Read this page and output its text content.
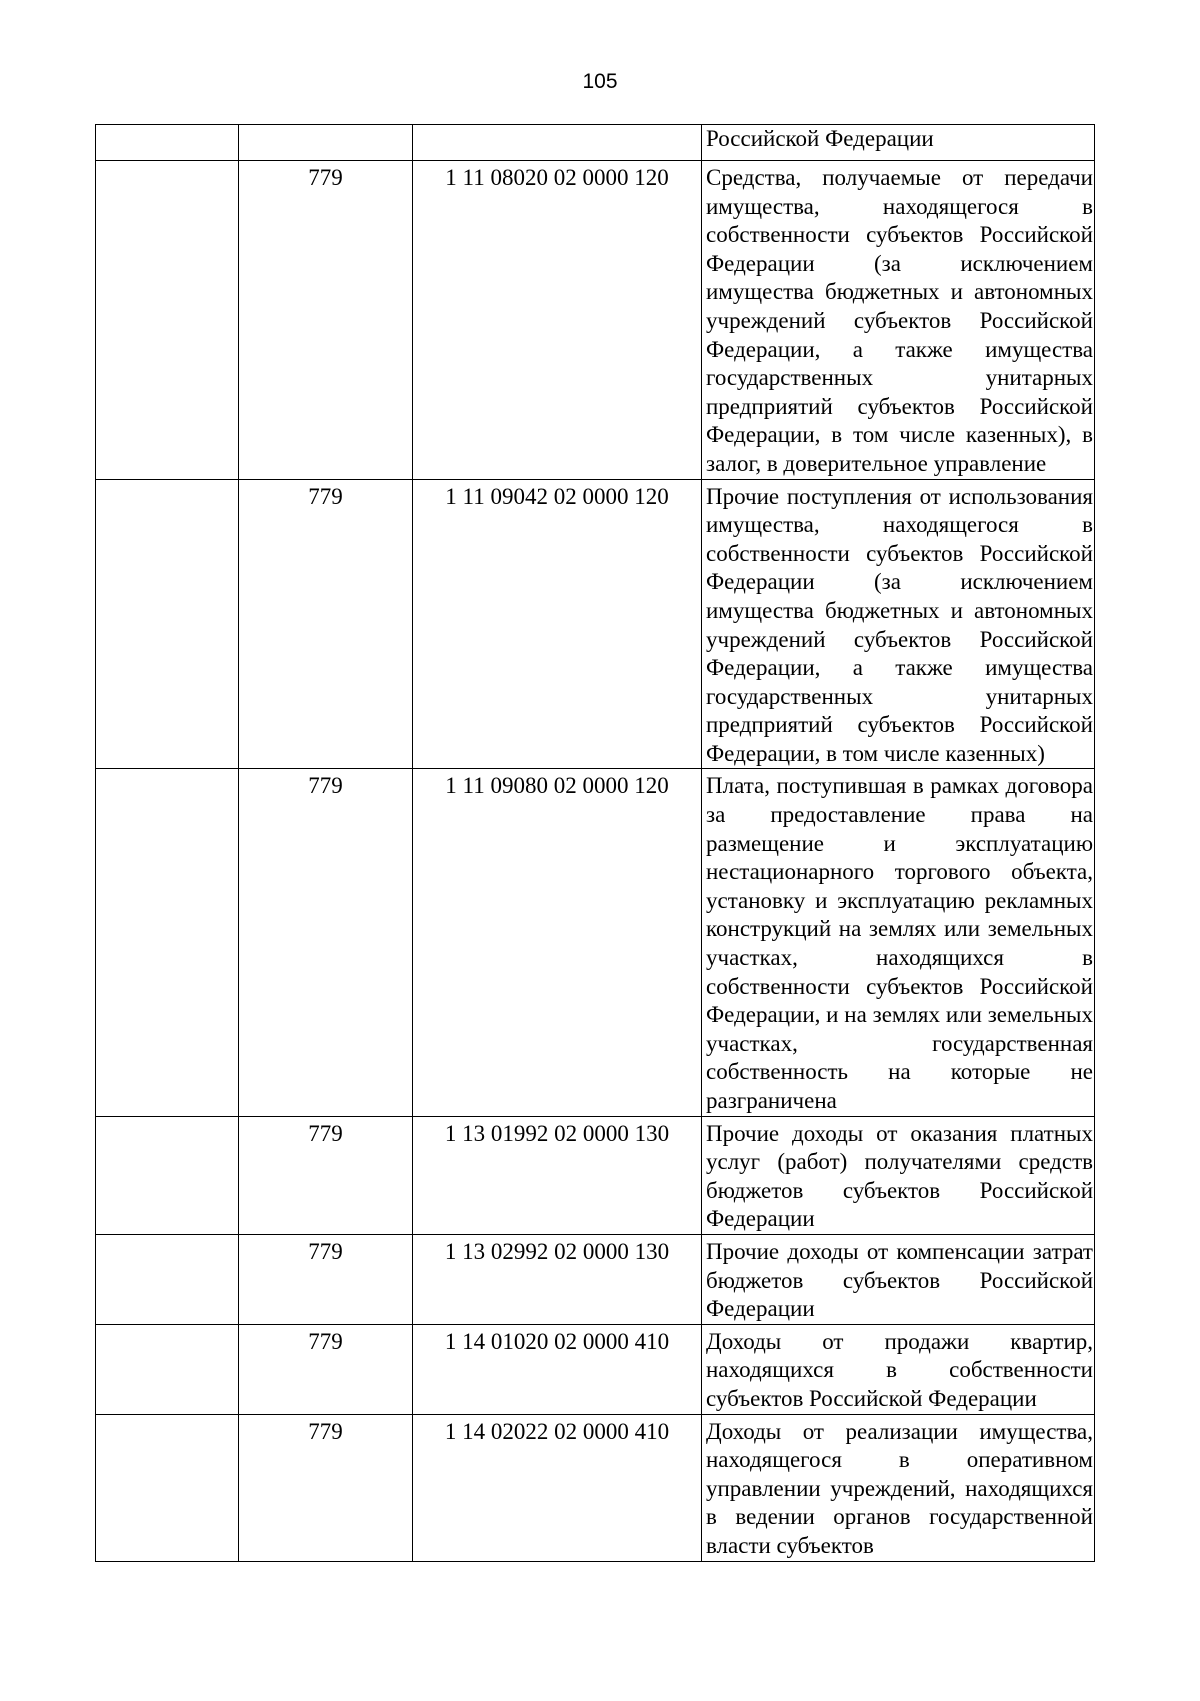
105
			Российской Федерации
	779	1 11 08020 02 0000 120	Средства, получаемые от передачи имущества, находящегося в собственности субъектов Российской Федерации (за исключением имущества бюджетных и автономных учреждений субъектов Российской Федерации, а также имущества государственных унитарных предприятий субъектов Российской Федерации, в том числе казенных), в залог, в доверительное управление
	779	1 11 09042 02 0000 120	Прочие поступления от использования имущества, находящегося в собственности субъектов Российской Федерации (за исключением имущества бюджетных и автономных учреждений субъектов Российской Федерации, а также имущества государственных унитарных предприятий субъектов Российской Федерации, в том числе казенных)
	779	1 11 09080 02 0000 120	Плата, поступившая в рамках договора за предоставление права на размещение и эксплуатацию нестационарного торгового объекта, установку и эксплуатацию рекламных конструкций на землях или земельных участках, находящихся в собственности субъектов Российской Федерации, и на землях или земельных участках, государственная собственность на которые не разграничена
	779	1 13 01992 02 0000 130	Прочие доходы от оказания платных услуг (работ) получателями средств бюджетов субъектов Российской Федерации
	779	1 13 02992 02 0000 130	Прочие доходы от компенсации затрат бюджетов субъектов Российской Федерации
	779	1 14 01020 02 0000 410	Доходы от продажи квартир, находящихся в собственности субъектов Российской Федерации
	779	1 14 02022 02 0000 410	Доходы от реализации имущества, находящегося в оперативном управлении учреждений, находящихся в ведении органов государственной власти субъектов
